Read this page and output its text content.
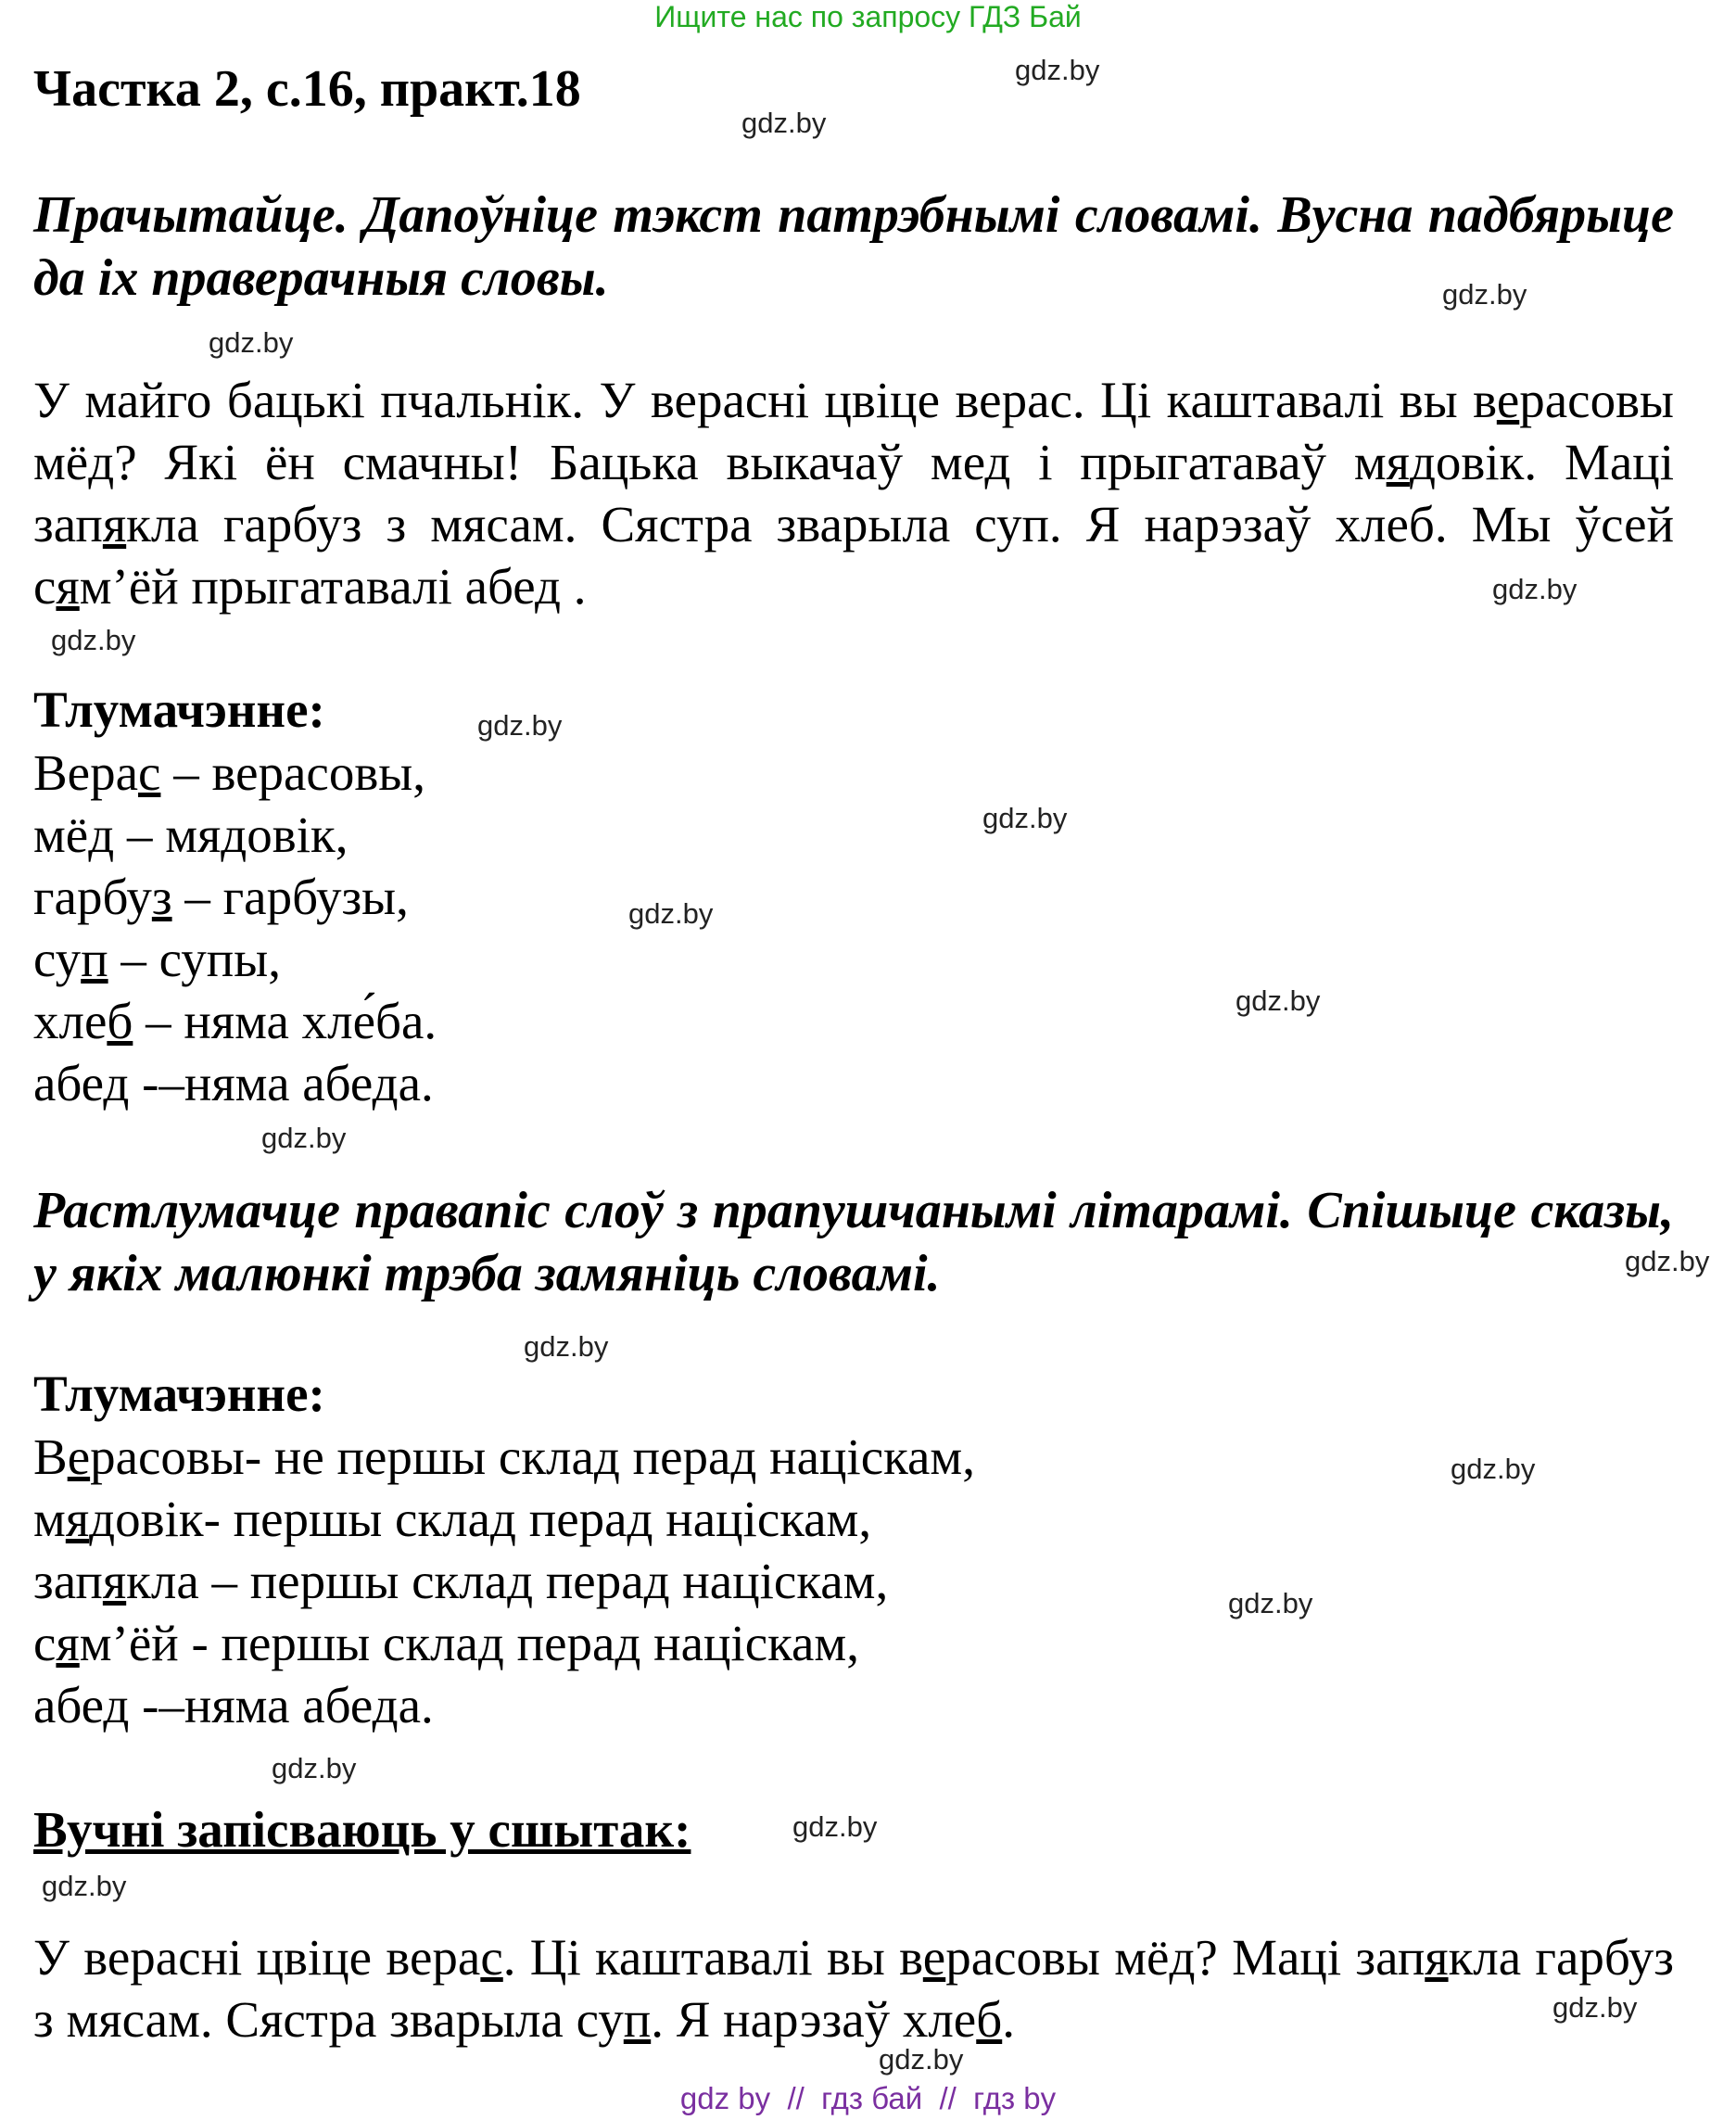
Ищите нас по запросу ГДЗ Бай
Частка 2, с.16, практ.18
Прачытайце. Дапоўніце тэкст патрэбнымі словамі. Вусна падбярыце да іх праверачныя словы.
У майго бацькі пчальнік. У верасні цвіце верас. Ці каштавалі вы верасовы мёд? Які ён смачны! Бацька выкачаў мед і прыгатаваў мядовік. Маці запякла гарбуз з мясам. Сястра зварыла суп. Я нарэзаў хлеб. Мы ўсей сям’ёй прыгатавалі абед .
Тлумачэнне:
Верас – верасовы,
мёд – мядовік,
гарбуз – гарбузы,
суп – супы,
хлеб – няма хле́ба.
абед -–няма абеда.
Растлумачце правапіс слоў з прапушчанымі літарамі. Спішыце сказы, у якіх малюнкі трэба замяніць словамі.
Тлумачэнне:
Верасовы- не першы склад перад націскам,
мядовік- першы склад перад націскам,
запякла – першы склад перад націскам,
сям’ёй - першы склад перад націскам,
абед -–няма абеда.
Вучні запісваюць у сшытак:
У верасні цвіце верас. Ці каштавалі вы верасовы мёд? Маці запякла гарбуз з мясам. Сястра зварыла суп. Я нарэзаў хлеб.
gdz.by
gdz.by
gdz.by
gdz.by
gdz.by
gdz.by
gdz.by
gdz.by
gdz.by
gdz.by
gdz.by
gdz.by
gdz.by
gdz.by
gdz.by
gdz.by
gdz.by
gdz.by
gdz.by
gdz.by
gdz by  //  гдз бай  //  гдз by
